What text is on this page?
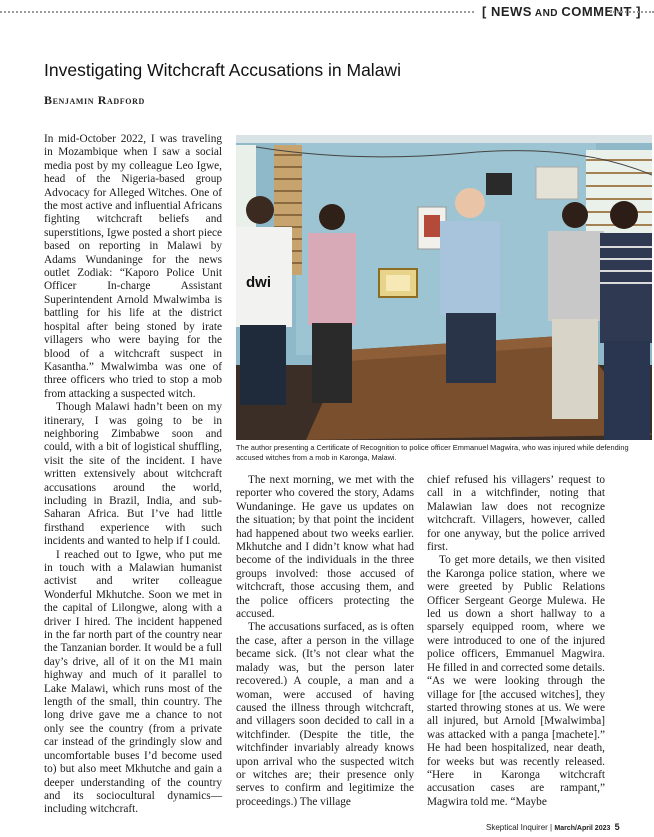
[ NEWS AND COMMENT ]
Investigating Witchcraft Accusations in Malawi
Benjamin Radford

In mid-October 2022, I was traveling in Mozambique when I saw a social media post by my colleague Leo Igwe, head of the Nigeria-based group Advocacy for Alleged Witches. One of the most active and influential Africans fighting witchcraft beliefs and superstitions, Igwe posted a short piece based on reporting in Malawi by Adams Wundaninge for the news outlet Zodiak: “Kaporo Police Unit Officer In-charge Assistant Superintendent Arnold Mwalwimba is battling for his life at the district hospital after being stoned by irate villagers who were baying for the blood of a witchcraft suspect in Kasantha.” Mwalwimba was one of three officers who tried to stop a mob from attacking a suspected witch.

Though Malawi hadn’t been on my itinerary, I was going to be in neighboring Zimbabwe soon and could, with a bit of logistical shuffling, visit the site of the incident. I have written extensively about witchcraft accusations around the world, including in Brazil, India, and sub-Saharan Africa. But I’ve had little firsthand experience with such incidents and wanted to help if I could.

I reached out to Igwe, who put me in touch with a Malawian humanist activist and writer colleague Wonderful Mkhutche. Soon we met in the capital of Lilongwe, along with a driver I hired. The incident happened in the far north part of the country near the Tanzanian border. It would be a full day’s drive, all of it on the M1 main highway and much of it parallel to Lake Malawi, which runs most of the length of the small, thin country. The long drive gave me a chance to not only see the country (from a private car instead of the grindingly slow and uncomfortable buses I’d become used to) but also meet Mkhutche and gain a deeper understanding of the country and its sociocultural dynamics—including witchcraft.

dwi
The author presenting a Certificate of Recognition to police officer Emmanuel Magwira, who was injured while defending accused witches from a mob in Karonga, Malawi.

The next morning, we met with the reporter who covered the story, Adams Wundaninge. He gave us updates on the situation; by that point the incident had happened about two weeks earlier. Mkhutche and I didn’t know what had become of the individuals in the three groups involved: those accused of witchcraft, those accusing them, and the police officers protecting the accused.

The accusations surfaced, as is often the case, after a person in the village became sick. (It’s not clear what the malady was, but the person later recovered.) A couple, a man and a woman, were accused of having caused the illness through witchcraft, and villagers soon decided to call in a witchfinder. (Despite the title, the witchfinder invariably already knows upon arrival who the suspected witch or witches are; their presence only serves to confirm and legitimize the proceedings.) The village

chief refused his villagers’ request to call in a witchfinder, noting that Malawian law does not recognize witchcraft. Villagers, however, called for one anyway, but the police arrived first.

To get more details, we then visited the Karonga police station, where we were greeted by Public Relations Officer Sergeant George Mulewa. He led us down a short hallway to a sparsely equipped room, where we were introduced to one of the injured police officers, Emmanuel Magwira. He filled in and corrected some details. “As we were looking through the village for [the accused witches], they started throwing stones at us. We were all injured, but Arnold [Mwalwimba] was attacked with a panga [machete].” He had been hospitalized, near death, for weeks but was recently released. “Here in Karonga witchcraft accusation cases are rampant,” Magwira told me. “Maybe

Skeptical Inquirer | March/April 2023 5
